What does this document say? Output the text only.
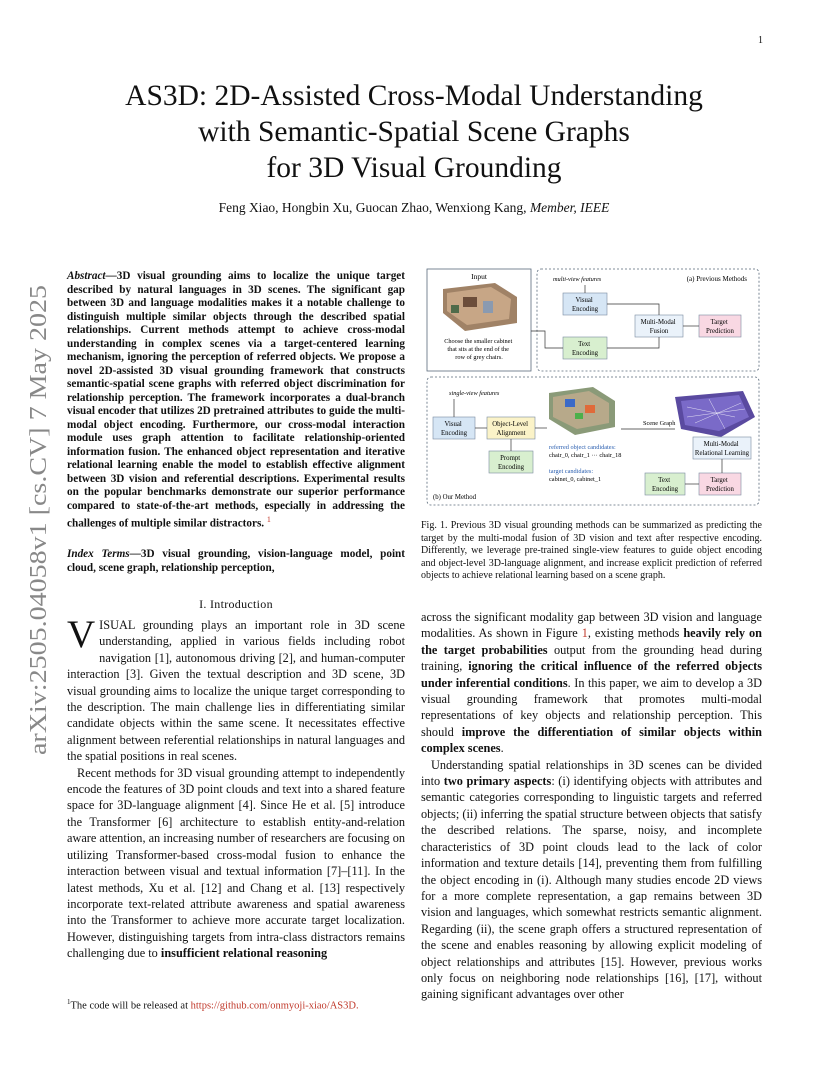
1
arXiv:2505.04058v1 [cs.CV] 7 May 2025
AS3D: 2D-Assisted Cross-Modal Understanding
with Semantic-Spatial Scene Graphs
for 3D Visual Grounding
Feng Xiao, Hongbin Xu, Guocan Zhao, Wenxiong Kang, Member, IEEE
Abstract—3D visual grounding aims to localize the unique target described by natural languages in 3D scenes. The significant gap between 3D and language modalities makes it a notable challenge to distinguish multiple similar objects through the described spatial relationships. Current methods attempt to achieve cross-modal understanding in complex scenes via a target-centered learning mechanism, ignoring the perception of referred objects. We propose a novel 2D-assisted 3D visual grounding framework that constructs semantic-spatial scene graphs with referred object discrimination for relationship perception. The framework incorporates a dual-branch visual encoder that utilizes 2D pretrained attributes to guide the multi-modal object encoding. Furthermore, our cross-modal interaction module uses graph attention to facilitate relationship-oriented information fusion. The enhanced object representation and iterative relational learning enable the model to establish effective alignment between 3D vision and referential descriptions. Experimental results on the popular benchmarks demonstrate our superior performance compared to state-of-the-art methods, especially in addressing the challenges of multiple similar distractors. $^1$
Index Terms—3D visual grounding, vision-language model, point cloud, scene graph, relationship perception,
I. Introduction

VISUAL grounding plays an important role in 3D scene understanding, applied in various fields including robot navigation [1], autonomous driving [2], and human-computer interaction [3]. Given the textual description and 3D scene, 3D visual grounding aims to localize the unique target corresponding to the description. The main challenge lies in differentiating similar candidate objects within the same scene. It necessitates effective alignment between referential relationships in natural languages and the spatial positions in real scenes.

Recent methods for 3D visual grounding attempt to independently encode the features of 3D point clouds and text into a shared feature space for 3D-language alignment [4]. Since He et al. [5] introduce the Transformer [6] architecture to establish entity-and-relation aware attention, an increasing number of researchers are focusing on utilizing Transformer-based cross-modal fusion to enhance the interaction between visual and textual information [7]–[11]. In the latest methods, Xu et al. [12] and Chang et al. [13] respectively incorporate text-related attribute awareness and spatial awareness into the Transformer to achieve more accurate target localization. However, distinguishing targets from intra-class distractors remains challenging due to insufficient relational reasoning

$^1$The code will be released at https://github.com/onmyoji-xiao/AS3D.
Input
Choose the smaller cabinet that sits at the end of the row of grey chairs.
multi-view features	(a) Previous Methods
Visual Encoding
Text Encoding
Multi-Modal Fusion
Target Prediction
single-view features
Visual Encoding
Object-Level Alignment
Prompt Encoding
referred object candidates:
chair_0, chair_1 ··· chair_18
target candidates:
cabinet_0, cabinet_1
Scene Graph
Multi-Modal Relational Learning
Text Encoding
Target Prediction
(b) Our Method
Fig. 1. Previous 3D visual grounding methods can be summarized as predicting the target by the multi-modal fusion of 3D vision and text after respective encoding. Differently, we leverage pre-trained single-view features to guide object encoding and object-level 3D-language alignment, and increase explicit prediction of referred objects to achieve relational learning based on a scene graph.

across the significant modality gap between 3D vision and language modalities. As shown in Figure 1, existing methods heavily rely on the target probabilities output from the grounding head during training, ignoring the critical influence of the referred objects under inferential conditions. In this paper, we aim to develop a 3D visual grounding framework that promotes multi-modal representations of key objects and relationship perception. This should improve the differentiation of similar objects within complex scenes.

Understanding spatial relationships in 3D scenes can be divided into two primary aspects: (i) identifying objects with attributes and semantic categories corresponding to linguistic targets and referred objects; (ii) inferring the spatial structure between objects that satisfy the described relations. The sparse, noisy, and incomplete characteristics of 3D point clouds lead to the lack of color information and texture details [14], preventing them from fulfilling the object encoding in (i). Although many studies encode 2D views for a more complete representation, a gap remains between 3D vision and languages, which somewhat restricts semantic alignment. Regarding (ii), the scene graph offers a structured representation of the scene and enables reasoning by allowing explicit modeling of object relationships and attributes [15]. However, previous works only focus on neighboring node relationships [16], [17], without gaining significant advantages over other
